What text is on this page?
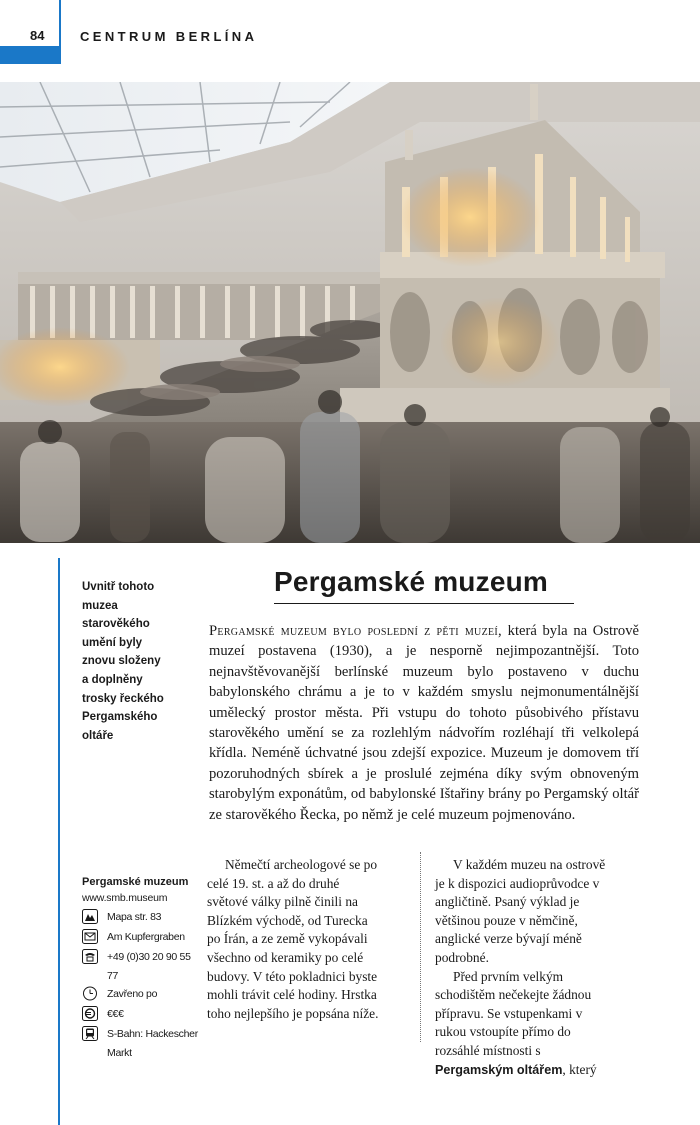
84	CENTRUM BERLÍNA
Uvnitř tohoto
muzea
starověkého
umění byly
znovu složeny
a doplněny
trosky řeckého
Pergamského
oltáře
Pergamské muzeum
Pergamské muzeum bylo poslední z pěti muzeí, která byla na Ostrově muzeí postavena (1930), a je nesporně nejimpozantnější. Toto nejnavštěvovanější berlínské muzeum bylo postaveno v duchu babylonského chrámu a je to v každém smyslu nejmonumentálnější umělecký prostor města. Při vstupu do tohoto působivého přístavu starověkého umění se za rozlehlým nádvořím rozléhají tři velkolepá křídla. Neméně úchvatné jsou zdejší expozice. Muzeum je domovem tří pozoruhodných sbírek a je proslulé zejména díky svým obnoveným starobylým exponátům, od babylonské Ištařiny brány po Pergamský oltář ze starověkého Řecka, po němž je celé muzeum pojmenováno.
Pergamské muzeum
www.smb.museum
Mapa str. 83
Am Kupfergraben
+49 (0)30 20 90 55 77
Zavřeno po
€€€
S-Bahn: Hackescher Markt

Němečtí archeologové se po celé 19. st. a až do druhé světové války pilně činili na Blízkém východě, od Turecka po Írán, a ze země vykopávali všechno od keramiky po celé budovy. V této pokladnici byste mohli trávit celé hodiny. Hrstka toho nejlepšího je popsána níže.

V každém muzeu na ostrově je k dispozici audioprůvodce v angličtině. Psaný výklad je většinou pouze v němčině, anglické verze bývají méně podrobné.

Před prvním velkým schodištěm nečekejte žádnou přípravu. Se vstupenkami v rukou vstoupíte přímo do rozsáhlé místnosti s Pergamským oltářem, který
